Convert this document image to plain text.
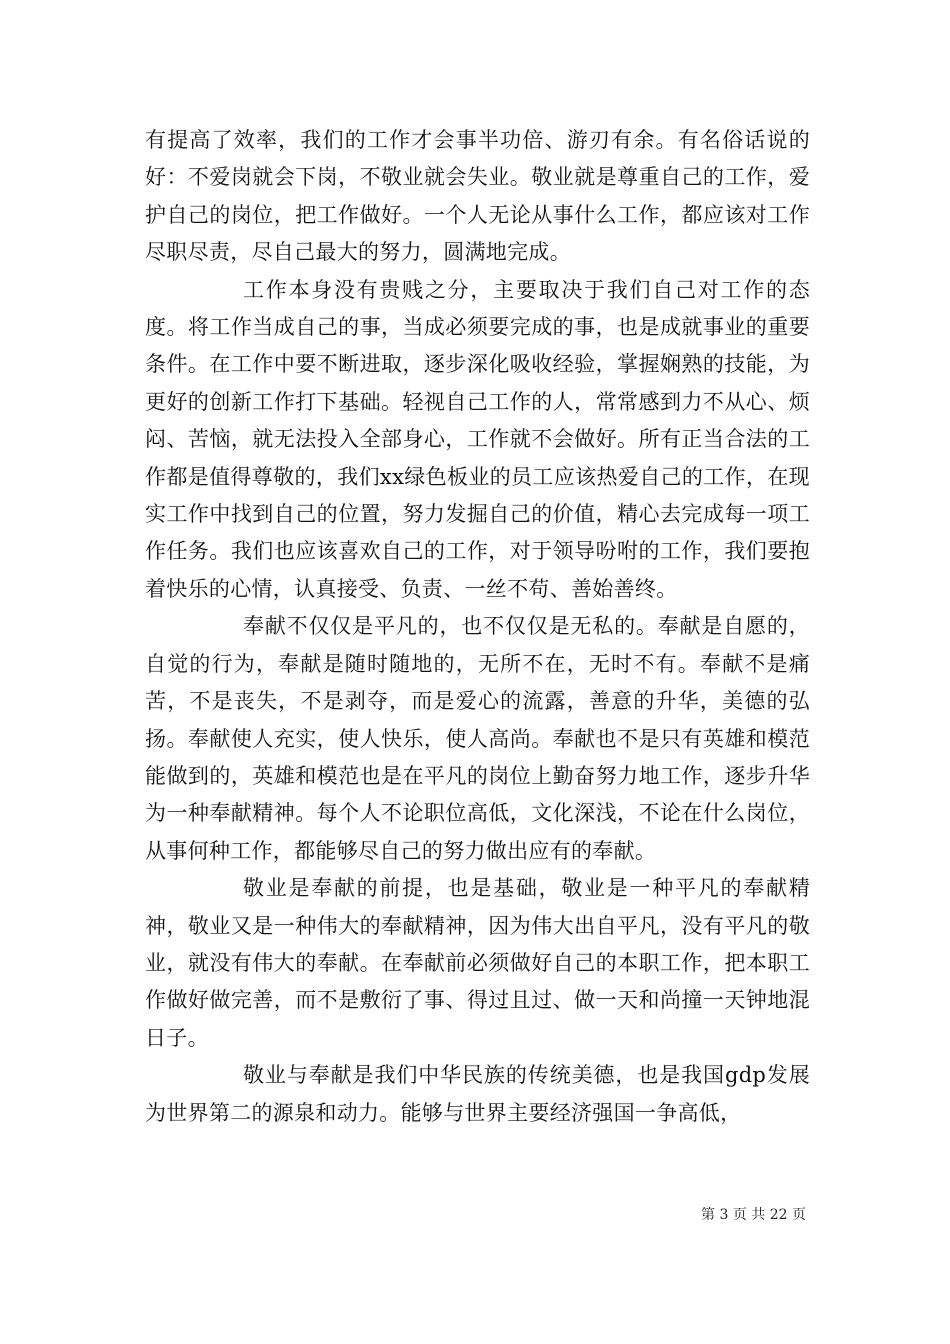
有提高了效率，我们的工作才会事半功倍、游刃有余。有名俗话说的好：不爱岗就会下岗，不敬业就会失业。敬业就是尊重自己的工作，爱护自己的岗位，把工作做好。一个人无论从事什么工作，都应该对工作尽职尽责，尽自己最大的努力，圆满地完成。

工作本身没有贵贱之分，主要取决于我们自己对工作的态度。将工作当成自己的事，当成必须要完成的事，也是成就事业的重要条件。在工作中要不断进取，逐步深化吸收经验，掌握娴熟的技能，为更好的创新工作打下基础。轻视自己工作的人，常常感到力不从心、烦闷、苦恼，就无法投入全部身心，工作就不会做好。所有正当合法的工作都是值得尊敬的，我们xx绿色板业的员工应该热爱自己的工作，在现实工作中找到自己的位置，努力发掘自己的价值，精心去完成每一项工作任务。我们也应该喜欢自己的工作，对于领导吩咐的工作，我们要抱着快乐的心情，认真接受、负责、一丝不苟、善始善终。

奉献不仅仅是平凡的，也不仅仅是无私的。奉献是自愿的，自觉的行为，奉献是随时随地的，无所不在，无时不有。奉献不是痛苦，不是丧失，不是剥夺，而是爱心的流露，善意的升华，美德的弘扬。奉献使人充实，使人快乐，使人高尚。奉献也不是只有英雄和模范能做到的，英雄和模范也是在平凡的岗位上勤奋努力地工作，逐步升华为一种奉献精神。每个人不论职位高低，文化深浅，不论在什么岗位，从事何种工作，都能够尽自己的努力做出应有的奉献。

敬业是奉献的前提，也是基础，敬业是一种平凡的奉献精神，敬业又是一种伟大的奉献精神，因为伟大出自平凡，没有平凡的敬业，就没有伟大的奉献。在奉献前必须做好自己的本职工作，把本职工作做好做完善，而不是敷衍了事、得过且过、做一天和尚撞一天钟地混日子。

敬业与奉献是我们中华民族的传统美德，也是我国gdp发展为世界第二的源泉和动力。能够与世界主要经济强国一争高低，

第 3 页 共 22 页
